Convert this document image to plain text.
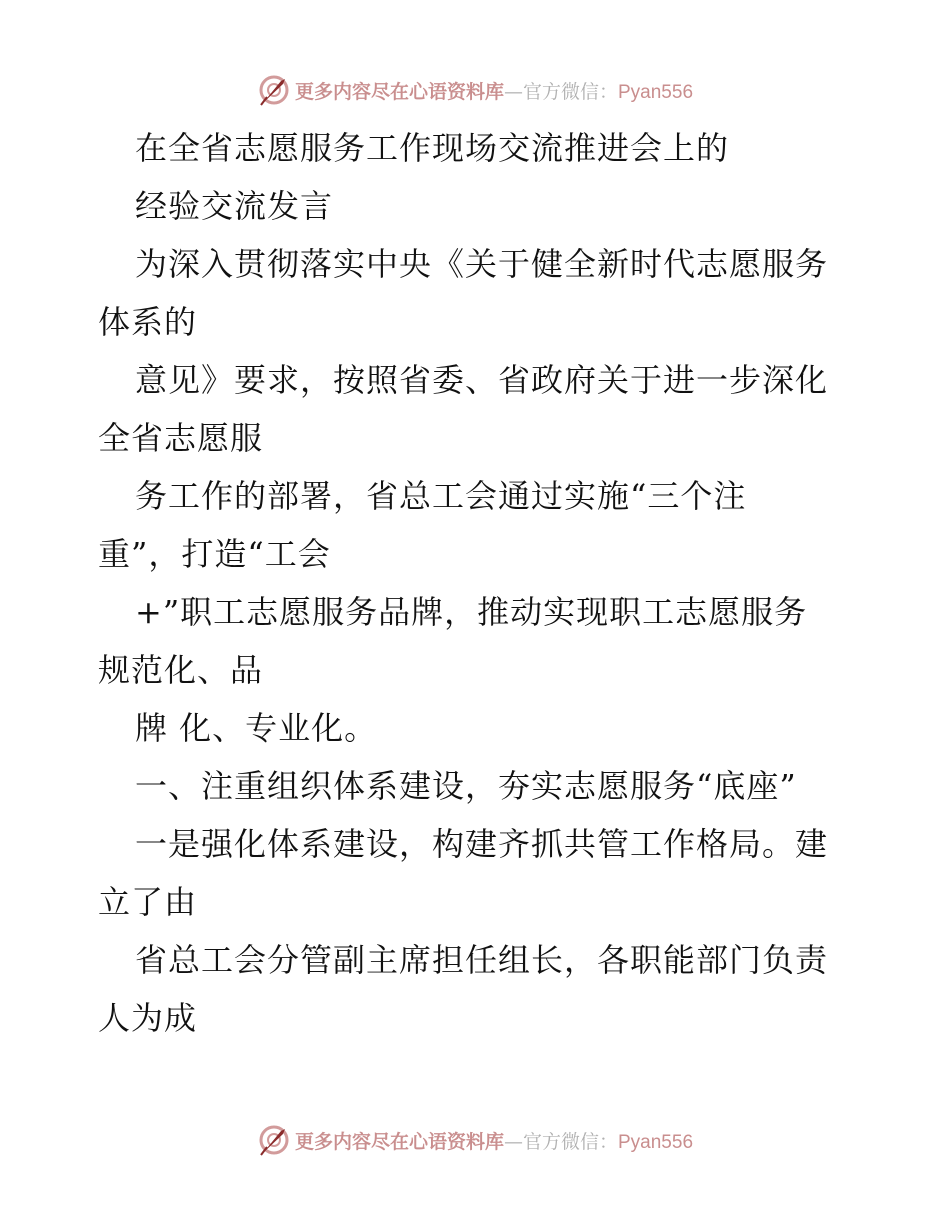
更多内容尽在心语资料库—官方微信：Pyan556
在全省志愿服务工作现场交流推进会上的
经验交流发言
为深入贯彻落实中央《关于健全新时代志愿服务
体系的
意见》要求，按照省委、省政府关于进一步深化
全省志愿服
务工作的部署，省总工会通过实施“三个注
重”，打造“工会
+”职工志愿服务品牌，推动实现职工志愿服务
规范化、品
牌 化、专业化。
一、注重组织体系建设，夯实志愿服务“底座”
一是强化体系建设，构建齐抓共管工作格局。建
立了由
省总工会分管副主席担任组长，各职能部门负责
人为成
更多内容尽在心语资料库—官方微信：Pyan556
